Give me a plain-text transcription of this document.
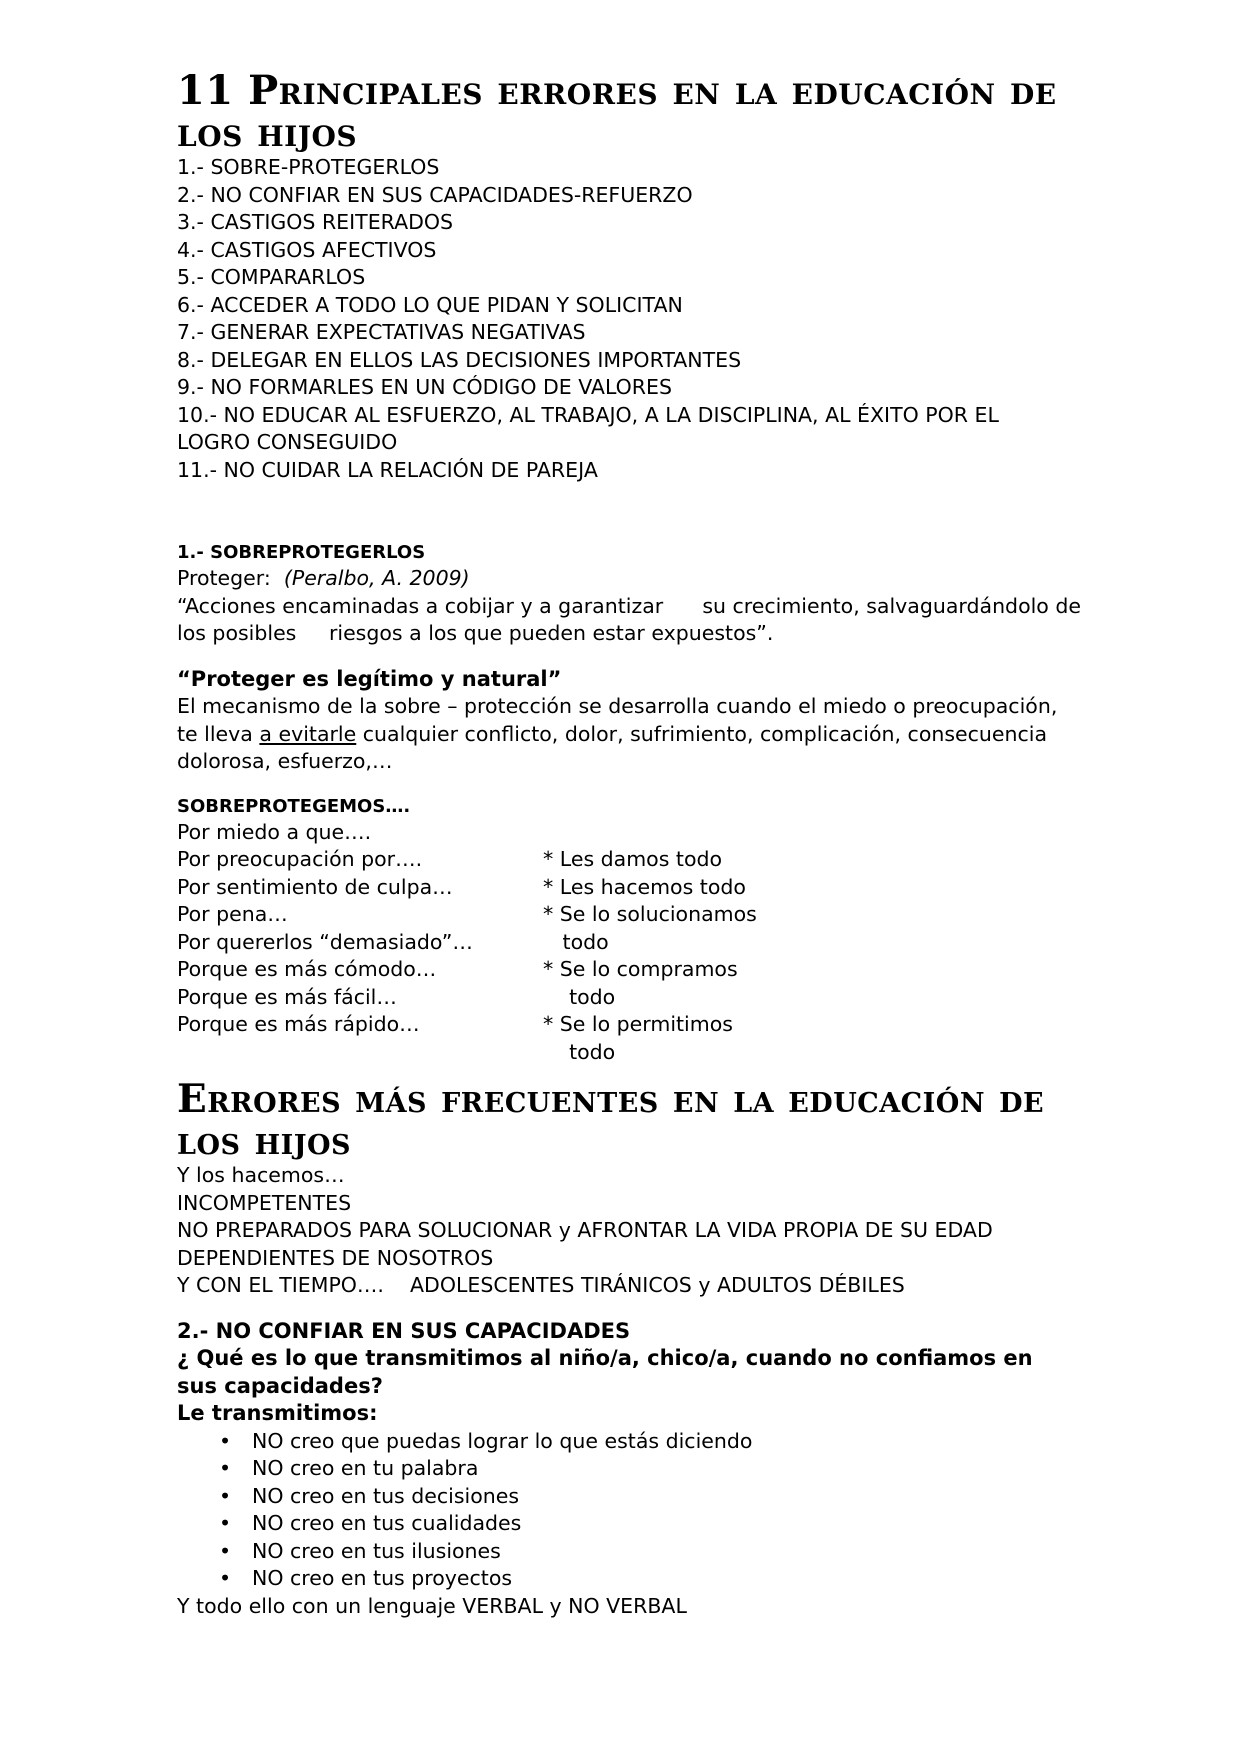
11 Principales errores en la educación de los hijos

1.- SOBRE-PROTEGERLOS

2.- NO CONFIAR EN SUS CAPACIDADES-REFUERZO

3.- CASTIGOS REITERADOS

4.- CASTIGOS AFECTIVOS

5.- COMPARARLOS

6.- ACCEDER A TODO LO QUE PIDAN Y SOLICITAN

7.- GENERAR EXPECTATIVAS NEGATIVAS

8.- DELEGAR EN ELLOS LAS DECISIONES IMPORTANTES

9.- NO FORMARLES EN UN CÓDIGO DE VALORES

10.- NO EDUCAR AL ESFUERZO, AL TRABAJO, A LA DISCIPLINA, AL ÉXITO POR EL

LOGRO CONSEGUIDO

11.- NO CUIDAR LA RELACIÓN DE PAREJA

1.- SOBREPROTEGERLOS

Proteger: (Peralbo, A. 2009)

“Acciones encaminadas a cobijar y a garantizar      su crecimiento, salvaguardándolo de

los posibles     riesgos a los que pueden estar expuestos”.

“Proteger es legítimo y natural”

El mecanismo de la sobre – protección se desarrolla cuando el miedo o preocupación,

te lleva a evitarle cualquier conflicto, dolor, sufrimiento, complicación, consecuencia

dolorosa, esfuerzo,…

SOBREPROTEGEMOS….

Por miedo a que….

Por preocupación por….

Por sentimiento de culpa…

Por pena…

Por quererlos “demasiado”…

Porque es más cómodo…

Porque es más fácil…

Porque es más rápido…

* Les damos todo

* Les hacemos todo

* Se lo solucionamos

todo

* Se lo compramos

todo

* Se lo permitimos

todo

Errores más frecuentes en la educación de los hijos

Y los hacemos…

INCOMPETENTES

NO PREPARADOS PARA SOLUCIONAR y AFRONTAR LA VIDA PROPIA DE SU EDAD

DEPENDIENTES DE NOSOTROS

Y CON EL TIEMPO….    ADOLESCENTES TIRÁNICOS y ADULTOS DÉBILES

2.- NO CONFIAR EN SUS CAPACIDADES

¿ Qué es lo que transmitimos al niño/a, chico/a, cuando no confiamos en sus capacidades?

Le transmitimos:

• NO creo que puedas lograr lo que estás diciendo
• NO creo en tu palabra
• NO creo en tus decisiones
• NO creo en tus cualidades
• NO creo en tus ilusiones
• NO creo en tus proyectos

Y todo ello con un lenguaje VERBAL y NO VERBAL
